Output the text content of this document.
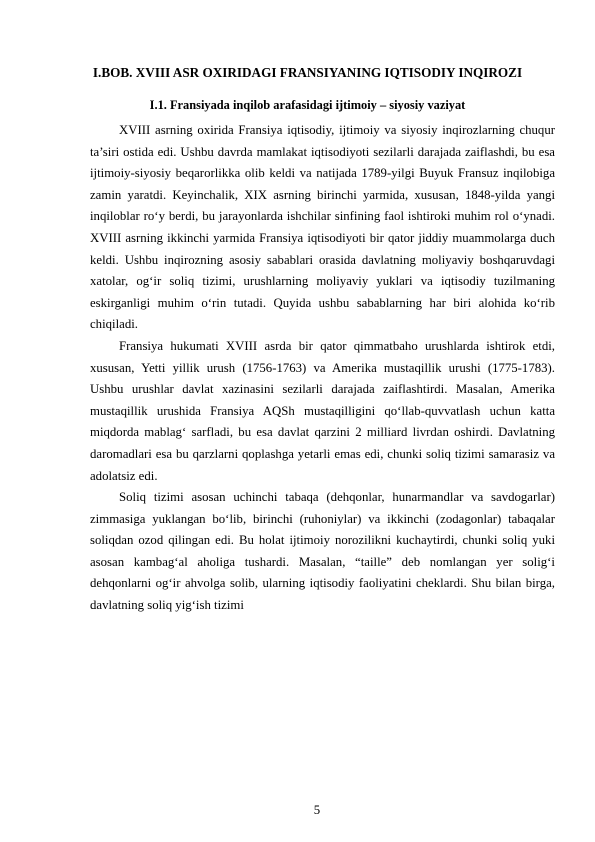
I.BOB. XVIII ASR OXIRIDAGI FRANSIYANING IQTISODIY INQIROZI
I.1. Fransiyada inqilob arafasidagi ijtimoiy – siyosiy vaziyat

XVIII asrning oxirida Fransiya iqtisodiy, ijtimoiy va siyosiy inqirozlarning chuqur ta’siri ostida edi. Ushbu davrda mamlakat iqtisodiyoti sezilarli darajada zaiflashdi, bu esa ijtimoiy-siyosiy beqarorlikka olib keldi va natijada 1789-yilgi Buyuk Fransuz inqilobiga zamin yaratdi. Keyinchalik, XIX asrning birinchi yarmida, xususan, 1848-yilda yangi inqiloblar ro‘y berdi, bu jarayonlarda ishchilar sinfining faol ishtiroki muhim rol o‘ynadi. XVIII asrning ikkinchi yarmida Fransiya iqtisodiyoti bir qator jiddiy muammolarga duch keldi. Ushbu inqirozning asosiy sabablari orasida davlatning moliyaviy boshqaruvdagi xatolar, og‘ir soliq tizimi, urushlarning moliyaviy yuklari va iqtisodiy tuzilmaning eskirganligi muhim o‘rin tutadi. Quyida ushbu sabablarning har biri alohida ko‘rib chiqiladi.

Fransiya hukumati XVIII asrda bir qator qimmatbaho urushlarda ishtirok etdi, xususan, Yetti yillik urush (1756-1763) va Amerika mustaqillik urushi (1775-1783). Ushbu urushlar davlat xazinasini sezilarli darajada zaiflashtirdi. Masalan, Amerika mustaqillik urushida Fransiya AQSh mustaqilligini qo‘llab-quvvatlash uchun katta miqdorda mablag‘ sarfladi, bu esa davlat qarzini 2 milliard livrdan oshirdi. Davlatning daromadlari esa bu qarzlarni qoplashga yetarli emas edi, chunki soliq tizimi samarasiz va adolatsiz edi.

Soliq tizimi asosan uchinchi tabaqa (dehqonlar, hunarmandlar va savdogarlar) zimmasiga yuklangan bo‘lib, birinchi (ruhoniylar) va ikkinchi (zodagonlar) tabaqalar soliqdan ozod qilingan edi. Bu holat ijtimoiy norozilikni kuchaytirdi, chunki soliq yuki asosan kambag‘al aholiga tushardi. Masalan, “taille” deb nomlangan yer solig‘i dehqonlarni og‘ir ahvolga solib, ularning iqtisodiy faoliyatini cheklardi. Shu bilan birga, davlatning soliq yig‘ish tizimi

5
